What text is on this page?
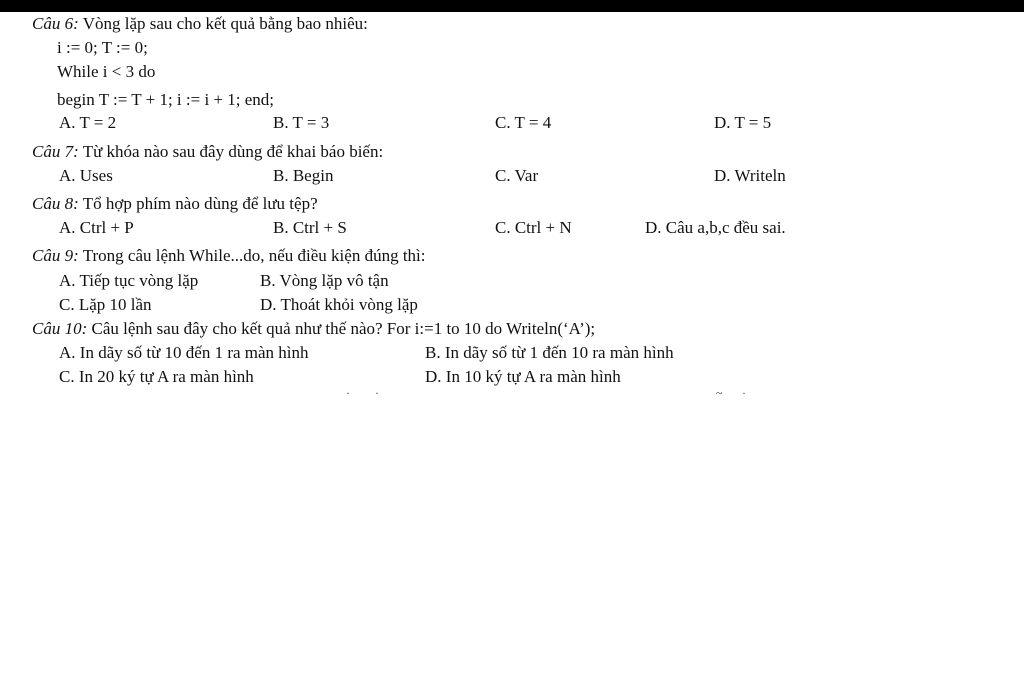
Câu 6: Vòng lặp sau cho kết quả bằng bao nhiêu:
i := 0; T := 0;
While i < 3 do
begin T := T + 1; i := i + 1; end;
A. T = 2	B. T = 3	C. T = 4	D. T = 5
Câu 7: Từ khóa nào sau đây dùng để khai báo biến:
A. Uses	B. Begin	C. Var	D. Writeln
Câu 8: Tổ hợp phím nào dùng để lưu tệp?
A. Ctrl + P	B. Ctrl + S	C. Ctrl + N	D. Câu a,b,c đều sai.
Câu 9: Trong câu lệnh While...do, nếu điều kiện đúng thì:
A. Tiếp tục vòng lặp	B. Vòng lặp vô tận
C. Lặp 10 lần	D. Thoát khỏi vòng lặp
Câu 10: Câu lệnh sau đây cho kết quả như thế nào? For i:=1 to 10 do Writeln(‘A’);
A. In dãy số từ 10 đến 1 ra màn hình	B. In dãy số từ 1 đến 10 ra màn hình
C. In 20 ký tự A ra màn hình	D. In 10 ký tự A ra màn hình
· ·	~ ·
